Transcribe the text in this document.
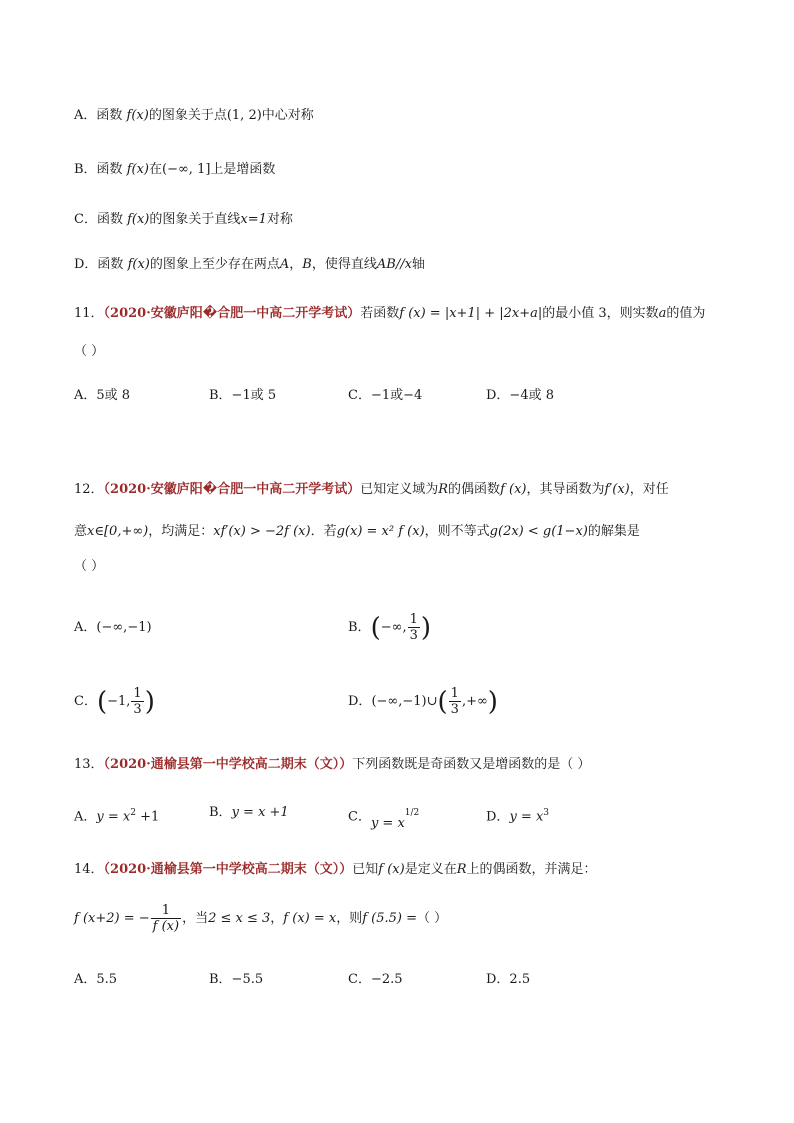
A．函数 f(x)的图象关于点(1, 2)中心对称
B．函数 f(x)在(−∞, 1]上是增函数
C．函数 f(x)的图象关于直线x=1对称
D．函数 f(x)的图象上至少存在两点A，B，使得直线AB//x轴
11．（2020·安徽庐阳�合肥一中高二开学考试）若函数f (x) = |x+1| + |2x+a|的最小值 3，则实数a的值为
（ ）
A．5或 8	B．−1或 5	C．−1或−4	D．−4或 8
12．（2020·安徽庐阳�合肥一中高二开学考试）已知定义域为R的偶函数f (x)，其导函数为f′(x)，对任
意x∈[0,+∞)，均满足：xf′(x) > −2f (x)．若g(x) = x² f (x)，则不等式g(2x) < g(1−x)的解集是
（ ）
A．(−∞,−1)	B．(−∞, $\frac{1}{3}$ )
C．(−1, $\frac{1}{3}$ )	D．(−∞,−1)∪( $\frac{1}{3}$ ,+∞)
13．（2020·通榆县第一中学校高二期末（文））下列函数既是奇函数又是增函数的是（ ）
A．$y = x^2 +1$	B．y = x +1	C．$y = x^{1/2}$	D．$y = x^3$
14．（2020·通榆县第一中学校高二期末（文））已知f (x)是定义在R上的偶函数，并满足：
f (x+2) = − $\frac{1}{f (x)}$ ，当2 ≤ x ≤ 3，f (x) = x，则f (5.5) =（ ）
A．5.5	B．−5.5	C．−2.5	D．2.5
